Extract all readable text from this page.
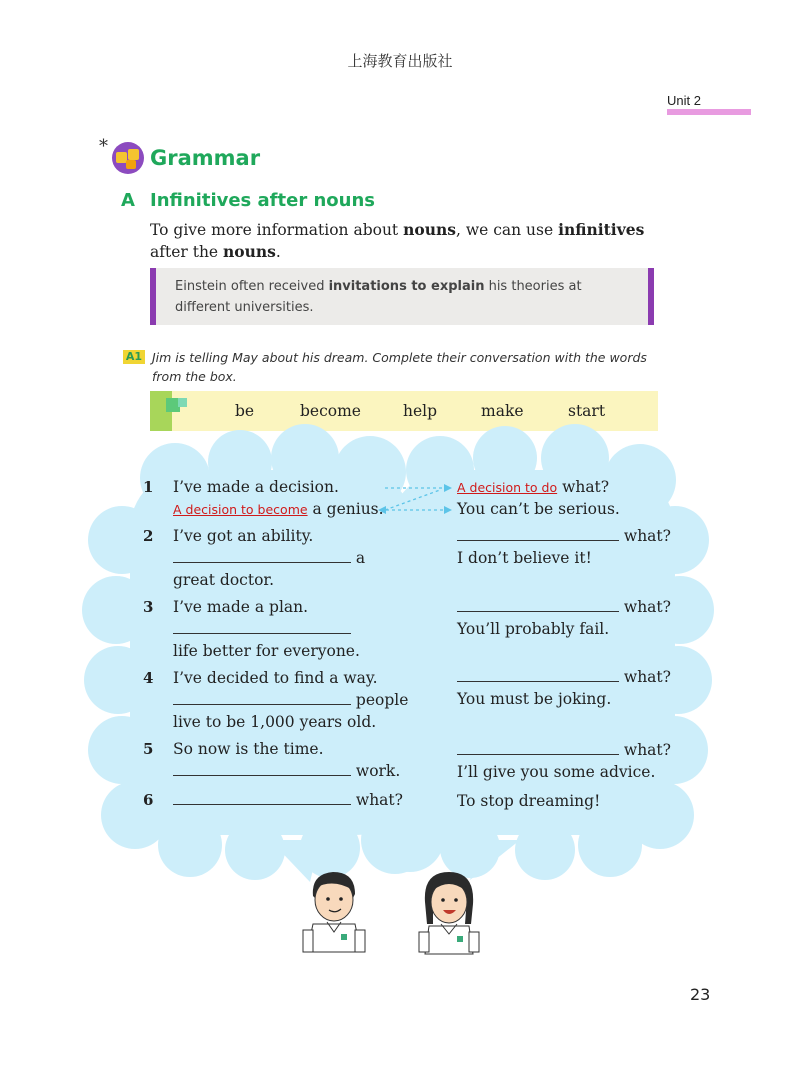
上海教育出版社
Unit 2
* Grammar
A Infinitives after nouns
To give more information about nouns, we can use infinitives after the nouns.
Einstein often received invitations to explain his theories at different universities.
A1 Jim is telling May about his dream. Complete their conversation with the words from the box.
be	become	help	make	start
1 I’ve made a decision.
A decision to become a genius.
2 I’ve got an ability.
a
great doctor.
3 I’ve made a plan.
life better for everyone.
4 I’ve decided to find a way.
people
live to be 1,000 years old.
5 So now is the time.
work.
6	what?
A decision to do what?
You can’t be serious.
what?
I don’t believe it!
what?
You’ll probably fail.
what?
You must be joking.
what?
I’ll give you some advice.
To stop dreaming!
23
